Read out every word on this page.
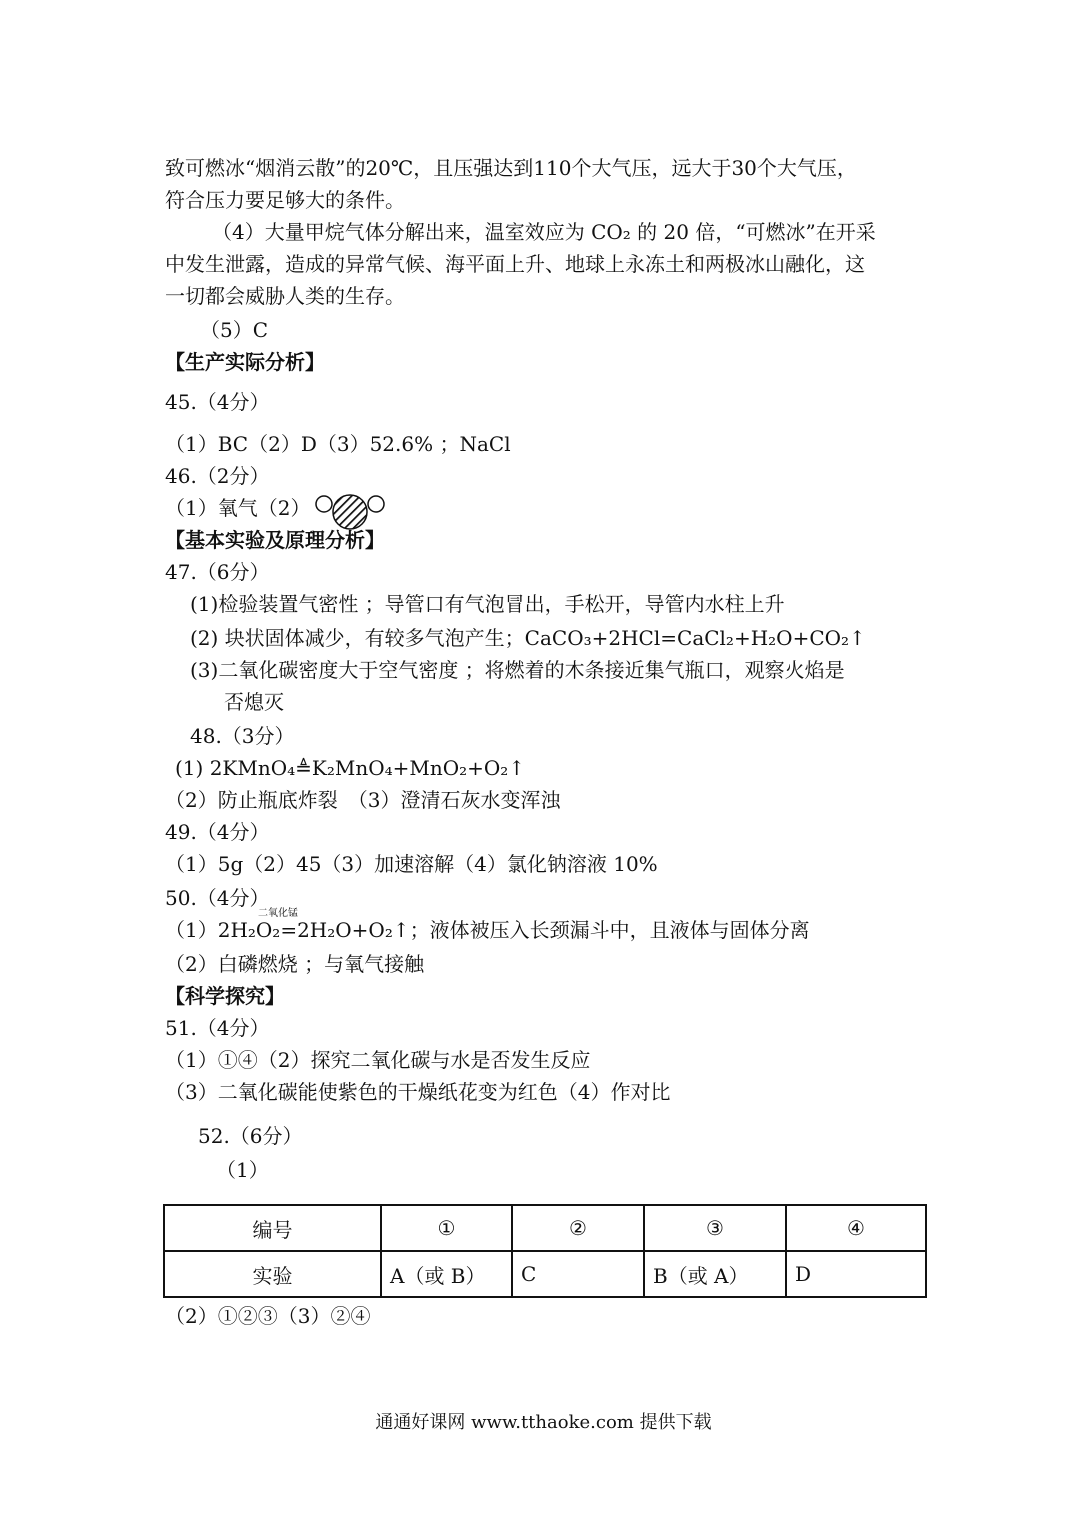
致可燃冰“烟消云散”的20℃，且压强达到110个大气压，远大于30个大气压，
符合压力要足够大的条件。
（4）大量甲烷气体分解出来，温室效应为 CO₂ 的 20 倍，“可燃冰”在开采
中发生泄露，造成的异常气候、海平面上升、地球上永冻土和两极冰山融化，这
一切都会威胁人类的生存。
（5）C
【生产实际分析】
45.（4分）
（1）BC（2）D（3）52.6% ；NaCl
46.（2分）
（1）氧气（2）
【基本实验及原理分析】
47.（6分）
(1)检验装置气密性 ；导管口有气泡冒出，手松开，导管内水柱上升
(2) 块状固体减少，有较多气泡产生；CaCO₃+2HCl=CaCl₂+H₂O+CO₂↑
(3)二氧化碳密度大于空气密度 ；将燃着的木条接近集气瓶口，观察火焰是
否熄灭
48.（3分）
(1) 2KMnO₄≜K₂MnO₄+MnO₂+O₂↑
（2）防止瓶底炸裂　（3）澄清石灰水变浑浊
49.（4分）
（1）5g（2）45（3）加速溶解（4）氯化钠溶液 10%
50.（4分）
二氧化锰
（1）2H₂O₂=2H₂O+O₂↑；液体被压入长颈漏斗中，且液体与固体分离
（2）白磷燃烧 ；与氧气接触
【科学探究】
51.（4分）
（1）①④（2）探究二氧化碳与水是否发生反应
（3）二氧化碳能使紫色的干燥纸花变为红色（4）作对比
52.（6分）
（1）
编号	①	②	③	④
实验	A（或 B）	C	B（或 A）	D
（2）①②③（3）②④
通通好课网 www.tthaoke.com 提供下载
